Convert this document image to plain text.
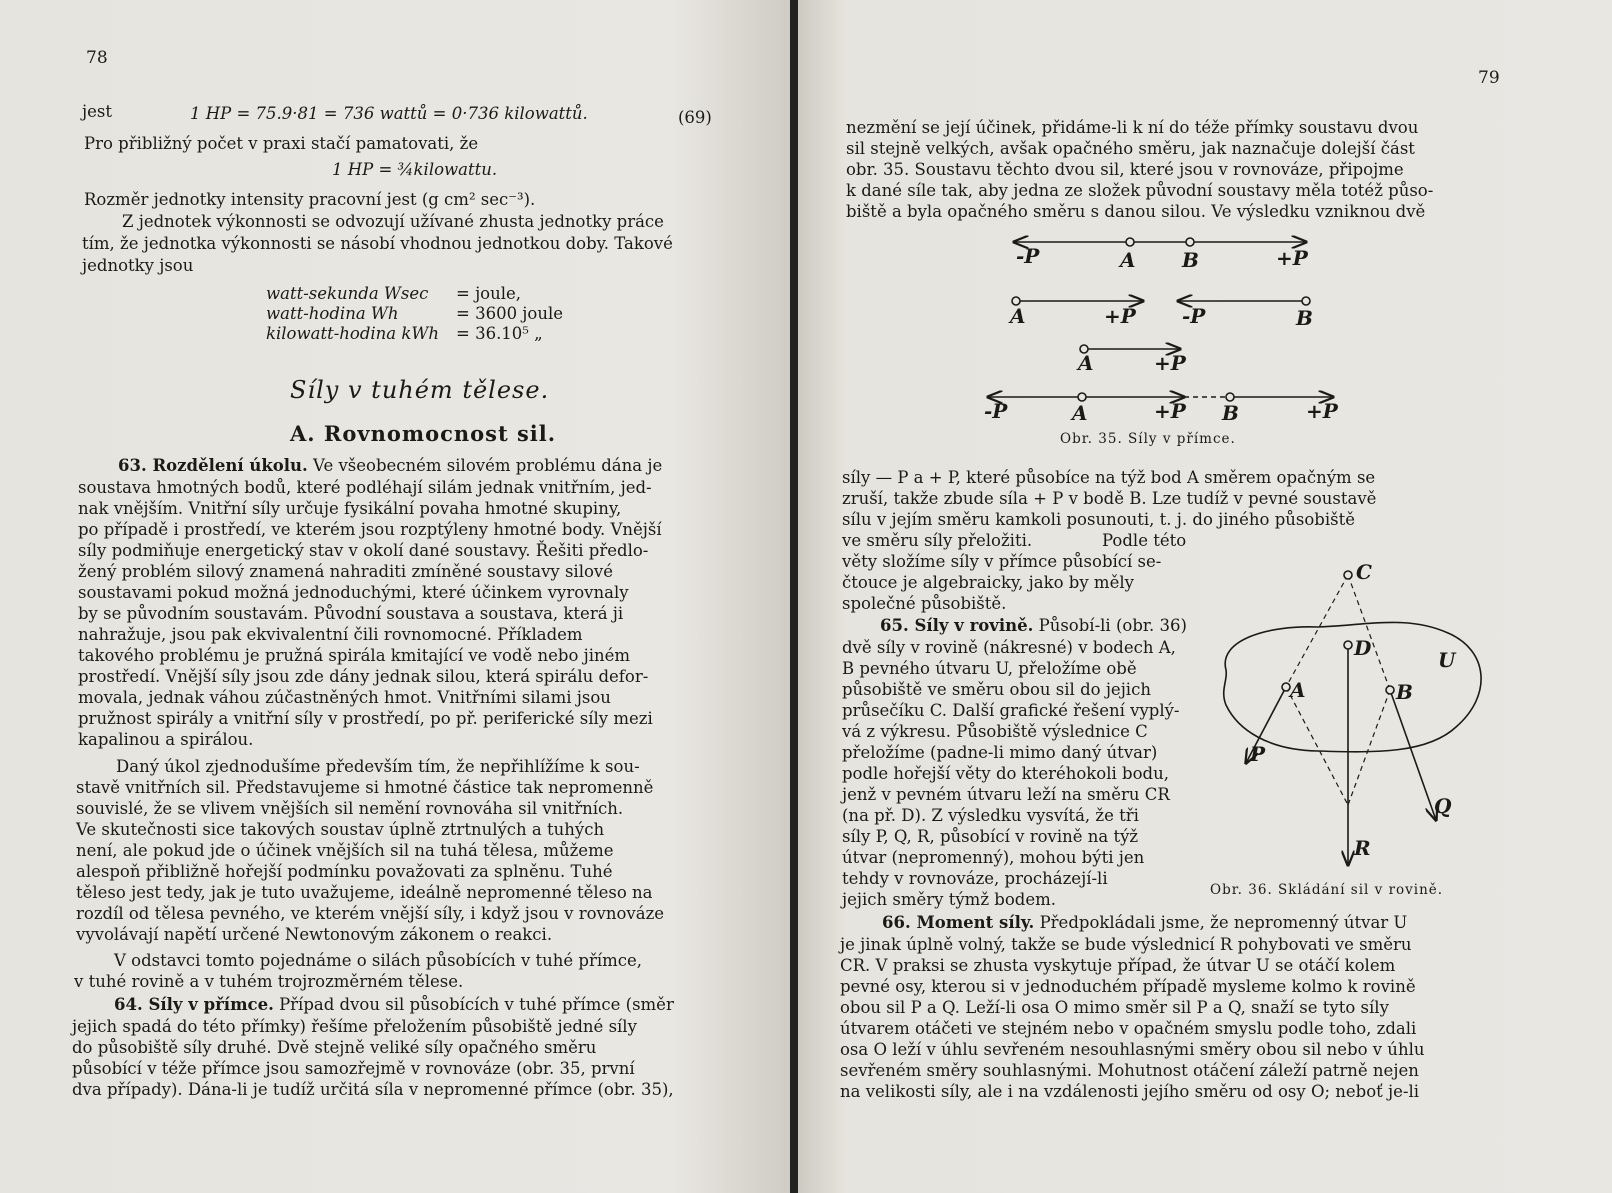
78
jest	1 HP = 75.9·81 = 736 wattů = 0·736 kilowattů.	(69)
Pro přibližný počet v praxi stačí pamatovati, že
1 HP = ¾kilowattu.
Rozměr jednotky intensity pracovní jest (g cm² sec⁻³).
Z jednotek výkonnosti se odvozují užívané zhusta jednotky práce
tím, že jednotka výkonnosti se násobí vhodnou jednotkou doby. Takové
jednotky jsou
watt-sekunda Wsec = joule,
watt-hodina Wh	= 3600 joule
kilowatt-hodina kWh = 36.10⁵ „
Síly v tuhém tělese.
A. Rovnomocnost sil.
63. Rozdělení úkolu. Ve všeobecném silovém problému dána je
soustava hmotných bodů, které podléhají silám jednak vnitřním, jed-
nak vnějším. Vnitřní síly určuje fysikální povaha hmotné skupiny,
po případě i prostředí, ve kterém jsou rozptýleny hmotné body. Vnější
síly podmiňuje energetický stav v okolí dané soustavy. Řešiti předlo-
žený problém silový znamená nahraditi zmíněné soustavy silové
soustavami pokud možná jednoduchými, které účinkem vyrovnaly
by se původním soustavám. Původní soustava a soustava, která ji
nahražuje, jsou pak ekvivalentní čili rovnomocné. Příkladem
takového problému je pružná spirála kmitající ve vodě nebo jiném
prostředí. Vnější síly jsou zde dány jednak silou, která spirálu defor-
movala, jednak váhou zúčastněných hmot. Vnitřními silami jsou
pružnost spirály a vnitřní síly v prostředí, po př. periferické síly mezi
kapalinou a spirálou.
Daný úkol zjednodušíme především tím, že nepřihlížíme k sou-
stavě vnitřních sil. Představujeme si hmotné částice tak nepromenně
souvislé, že se vlivem vnějších sil nemění rovnováha sil vnitřních.
Ve skutečnosti sice takových soustav úplně ztrtnulých a tuhých
není, ale pokud jde o účinek vnějších sil na tuhá tělesa, můžeme
alespoň přibližně hořejší podmínku považovati za splněnu. Tuhé
těleso jest tedy, jak je tuto uvažujeme, ideálně nepromenné těleso na
rozdíl od tělesa pevného, ve kterém vnější síly, i když jsou v rovnováze
vyvolávají napětí určené Newtonovým zákonem o reakci.
V odstavci tomto pojednáme o silách působících v tuhé přímce,
v tuhé rovině a v tuhém trojrozměrném tělese.
64. Síly v přímce. Případ dvou sil působících v tuhé přímce (směr
jejich spadá do této přímky) řešíme přeložením působiště jedné síly
do působiště síly druhé. Dvě stejně veliké síly opačného směru
působící v téže přímce jsou samozřejmě v rovnováze (obr. 35, první
dva případy). Dána-li je tudíž určitá síla v nepromenné přímce (obr. 35),
79
nezmění se její účinek, přidáme-li k ní do téže přímky soustavu dvou
sil stejně velkých, avšak opačného směru, jak naznačuje dolejší část
obr. 35. Soustavu těchto dvou sil, které jsou v rovnováze, připojme
k dané síle tak, aby jedna ze složek původní soustavy měla totéž půso-
biště a byla opačného směru s danou silou. Ve výsledku vzniknou dvě
-P	A B	+P
A	+P -P	B
A	+P
-P	A	+P B	+P
Obr. 35. Síly v přímce.
síly — P a + P, které působíce na týž bod A směrem opačným se
zruší, takže zbude síla + P v bodě B. Lze tudíž v pevné soustavě
sílu v jejím směru kamkoli posunouti, t. j. do jiného působiště
ve směru síly přeložiti.	Podle této
věty složíme síly v přímce působící se-
čtouce je algebraicky, jako by měly
společné působiště.
65. Síly v rovině. Působí-li (obr. 36)
dvě síly v rovině (nákresné) v bodech A,
B pevného útvaru U, přeložíme obě
působiště ve směru obou sil do jejich
průsečíku C. Další grafické řešení vyplý-
vá z výkresu. Působiště výslednice C
přeložíme (padne-li mimo daný útvar)
podle hořejší věty do kteréhokoli bodu,
jenž v pevném útvaru leží na směru CR
(na př. D). Z výsledku vysvítá, že tři
síly P, Q, R, působící v rovině na týž
útvar (nepromenný), mohou býti jen
tehdy v rovnováze, procházejí-li
jejich směry týmž bodem.
C
D	U
A	B
P
Q
R
Obr. 36. Skládání sil v rovině.
66. Moment síly. Předpokládali jsme, že nepromenný útvar U
je jinak úplně volný, takže se bude výslednicí R pohybovati ve směru
CR. V praksi se zhusta vyskytuje případ, že útvar U se otáčí kolem
pevné osy, kterou si v jednoduchém případě mysleme kolmo k rovině
obou sil P a Q. Leží-li osa O mimo směr sil P a Q, snaží se tyto síly
útvarem otáčeti ve stejném nebo v opačném smyslu podle toho, zdali
osa O leží v úhlu sevřeném nesouhlasnými směry obou sil nebo v úhlu
sevřeném směry souhlasnými. Mohutnost otáčení záleží patrně nejen
na velikosti síly, ale i na vzdálenosti jejího směru od osy O; neboť je-li
